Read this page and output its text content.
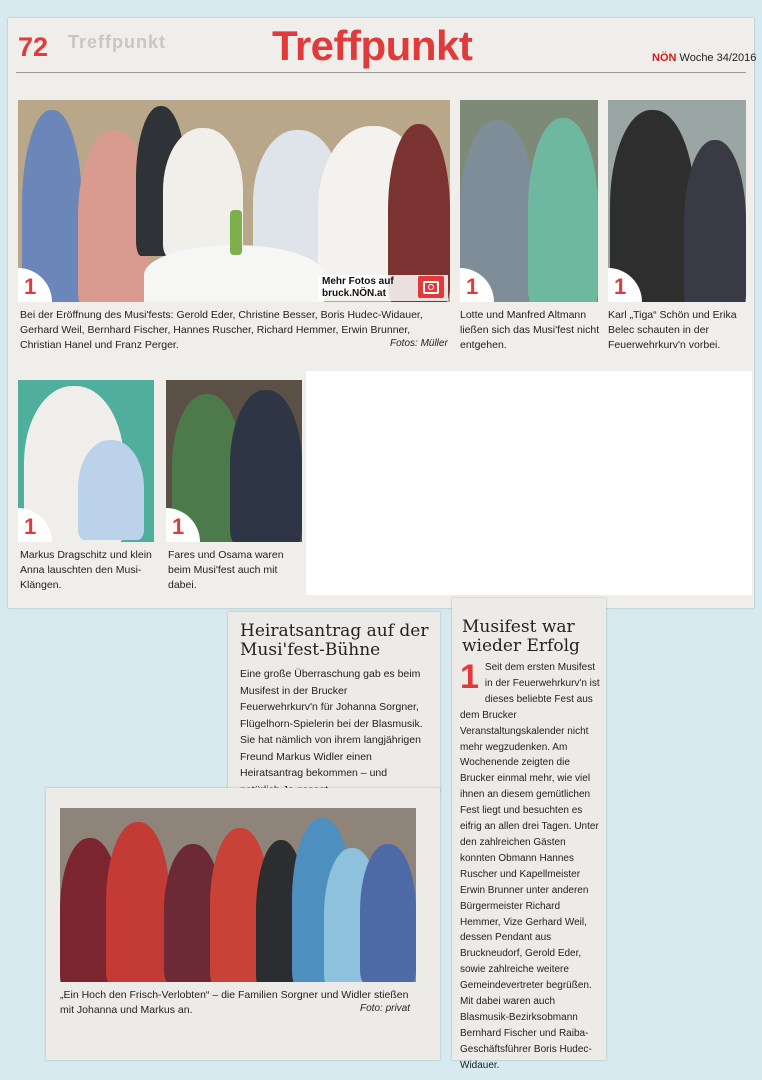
72 Treffpunkt	Treffpunkt	NÖN Woche 34/2016
1	Mehr Fotos auf bruck.NÖN.at
Bei der Eröffnung des Musi'fests: Gerold Eder, Christine Besser, Boris Hudec-Widauer, Gerhard Weil, Bernhard Fischer, Hannes Ruscher, Richard Hemmer, Erwin Brunner, Christian Hanel und Franz Perger.	Fotos: Müller
1
Lotte und Manfred Altmann ließen sich das Musi'fest nicht entgehen.
1
Karl „Tiga“ Schön und Erika Belec schauten in der Feuerwehrkurv'n vorbei.
1
Markus Dragschitz und klein Anna lauschten den Musi-Klängen.
1
Fares und Osama waren beim Musi'fest auch mit dabei.
Heiratsantrag auf der Musi'fest-Bühne
Eine große Überraschung gab es beim Musifest in der Brucker Feuerwehrkurv'n für Johanna Sorgner, Flügelhorn-Spielerin bei der Blasmusik. Sie hat nämlich von ihrem langjährigen Freund Markus Widler einen Heiratsantrag bekommen – und
„Ein Hoch den Frisch-Verlobten“ – die Familien Sorgner und Widler stießen mit Johanna und Markus an.	Foto: privat
Musifest war wieder Erfolg
1 Seit dem ersten Musifest in der Feuerwehrkurv'n ist dieses beliebte Fest aus dem Brucker Veranstaltungskalender nicht mehr wegzudenken. Am Wochenende zeigten die Brucker einmal mehr, wie viel ihnen an diesem gemütlichen Fest liegt und besuchten es eifrig an allen drei Tagen. Unter den zahlreichen Gästen konnten Obmann Hannes Ruscher und Kapellmeister Erwin Brunner unter anderen Bürgermeister Richard Hemmer, Vize Gerhard Weil, dessen Pendant aus Bruckneudorf, Gerold Eder, sowie zahlreiche weitere Gemeindevertreter begrüßen. Mit dabei waren auch Blasmusik-Bezirksobmann Bernhard Fischer und Raiba-Geschäftsführer Boris Hudec-Widauer.
